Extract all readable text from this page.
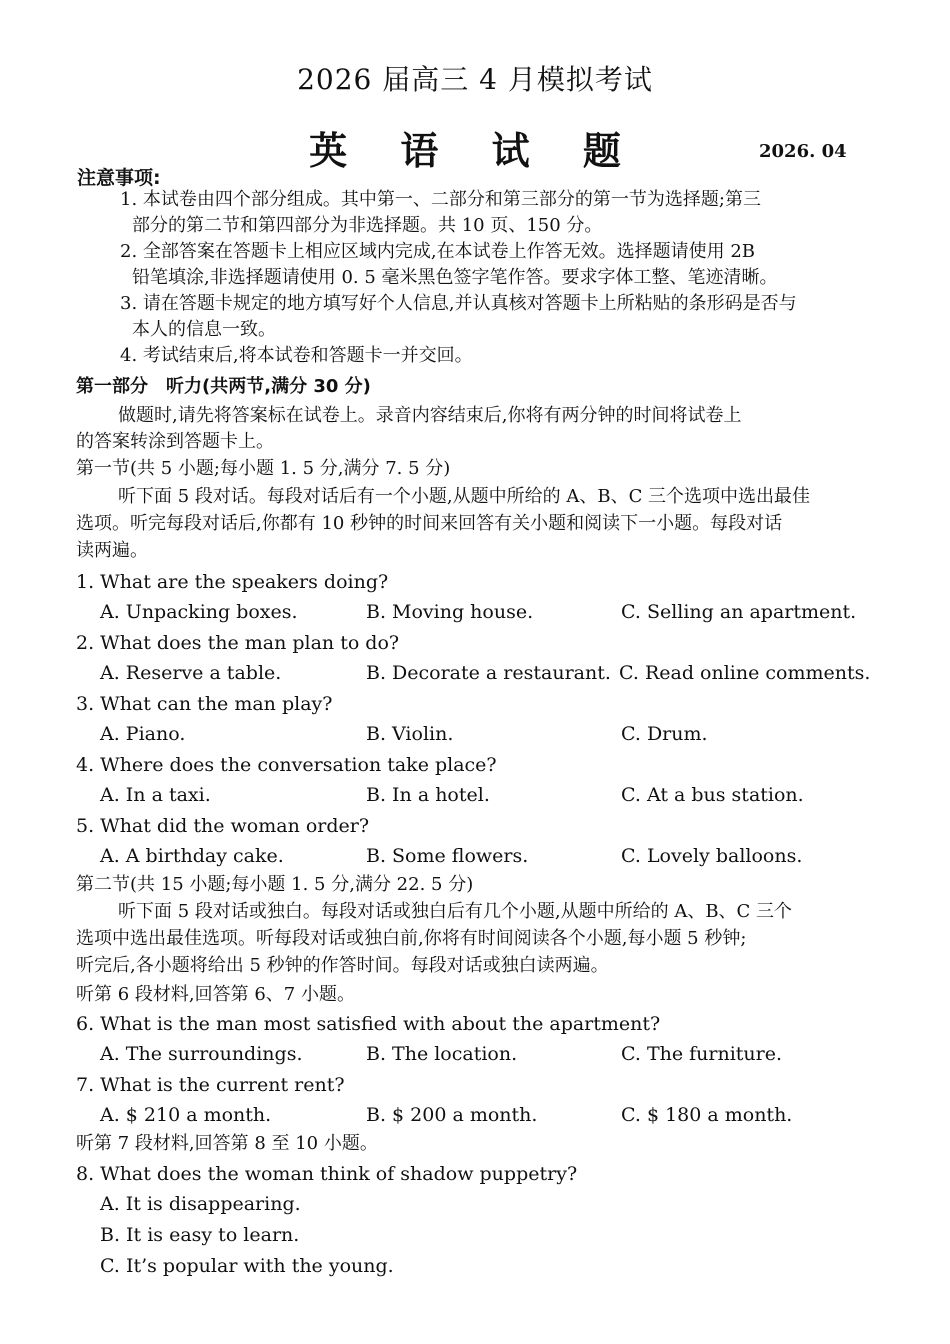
2026 届高三 4 月模拟考试
英 语 试 题	2026. 04
注意事项:
1. 本试卷由四个部分组成。其中第一、二部分和第三部分的第一节为选择题;第三
部分的第二节和第四部分为非选择题。共 10 页、150 分。
2. 全部答案在答题卡上相应区域内完成,在本试卷上作答无效。选择题请使用 2B
铅笔填涂,非选择题请使用 0. 5 毫米黑色签字笔作答。要求字体工整、笔迹清晰。
3. 请在答题卡规定的地方填写好个人信息,并认真核对答题卡上所粘贴的条形码是否与
本人的信息一致。
4. 考试结束后,将本试卷和答题卡一并交回。
第一部分　听力(共两节,满分 30 分)
做题时,请先将答案标在试卷上。录音内容结束后,你将有两分钟的时间将试卷上
的答案转涂到答题卡上。
第一节(共 5 小题;每小题 1. 5 分,满分 7. 5 分)
听下面 5 段对话。每段对话后有一个小题,从题中所给的 A、B、C 三个选项中选出最佳
选项。听完每段对话后,你都有 10 秒钟的时间来回答有关小题和阅读下一小题。每段对话
读两遍。
1. What are the speakers doing?
A. Unpacking boxes.	B. Moving house.	C. Selling an apartment.
2. What does the man plan to do?
A. Reserve a table.	B. Decorate a restaurant. C. Read online comments.
3. What can the man play?
A. Piano.	B. Violin.	C. Drum.
4. Where does the conversation take place?
A. In a taxi.	B. In a hotel.	C. At a bus station.
5. What did the woman order?
A. A birthday cake.	B. Some flowers.	C. Lovely balloons.
第二节(共 15 小题;每小题 1. 5 分,满分 22. 5 分)
听下面 5 段对话或独白。每段对话或独白后有几个小题,从题中所给的 A、B、C 三个
选项中选出最佳选项。听每段对话或独白前,你将有时间阅读各个小题,每小题 5 秒钟;
听完后,各小题将给出 5 秒钟的作答时间。每段对话或独白读两遍。
听第 6 段材料,回答第 6、7 小题。
6. What is the man most satisfied with about the apartment?
A. The surroundings.	B. The location.	C. The furniture.
7. What is the current rent?
A. $ 210 a month.	B. $ 200 a month.	C. $ 180 a month.
听第 7 段材料,回答第 8 至 10 小题。
8. What does the woman think of shadow puppetry?
A. It is disappearing.
B. It is easy to learn.
C. It’s popular with the young.
